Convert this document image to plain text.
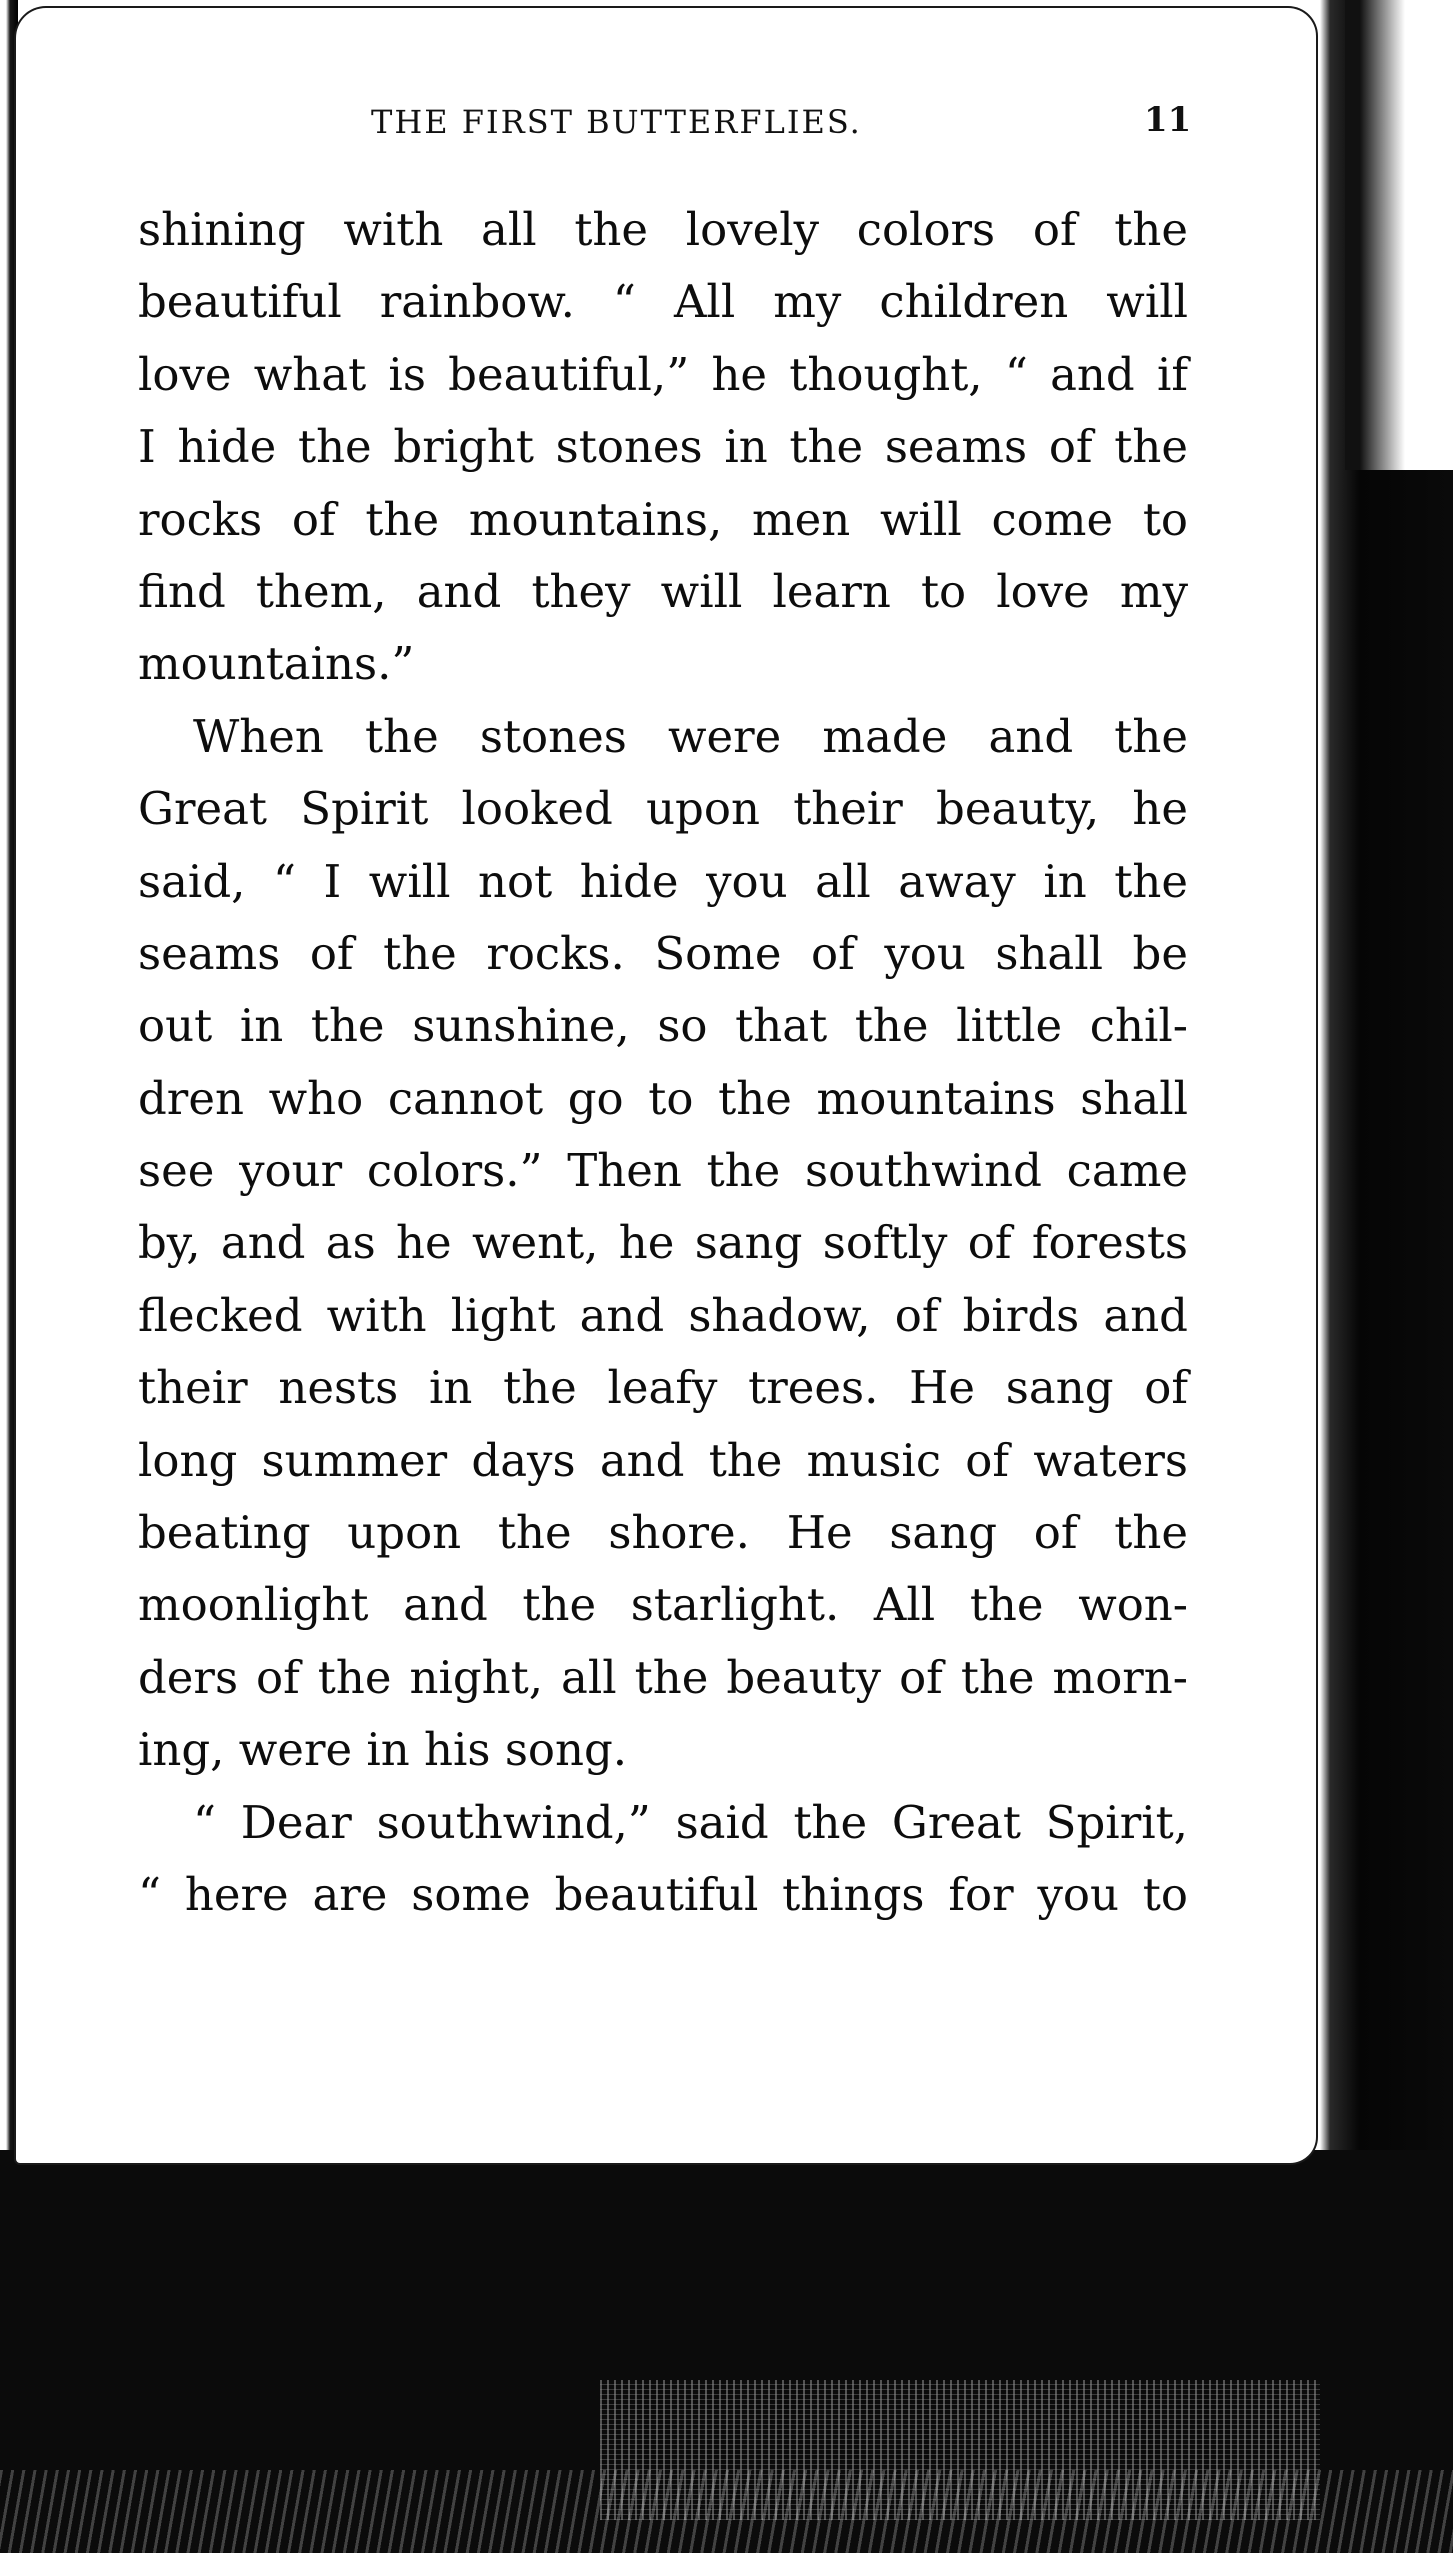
THE FIRST BUTTERFLIES.	11
shining with all the lovely colors of the
beautiful rainbow. “ All my children will
love what is beautiful,” he thought, “ and if
I hide the bright stones in the seams of the
rocks of the mountains, men will come to
find them, and they will learn to love my
mountains.”
When the stones were made and the
Great Spirit looked upon their beauty, he
said, “ I will not hide you all away in the
seams of the rocks. Some of you shall be
out in the sunshine, so that the little chil-
dren who cannot go to the mountains shall
see your colors.” Then the southwind came
by, and as he went, he sang softly of forests
flecked with light and shadow, of birds and
their nests in the leafy trees. He sang of
long summer days and the music of waters
beating upon the shore. He sang of the
moonlight and the starlight. All the won-
ders of the night, all the beauty of the morn-
ing, were in his song.
“ Dear southwind,” said the Great Spirit,
“ here are some beautiful things for you to
